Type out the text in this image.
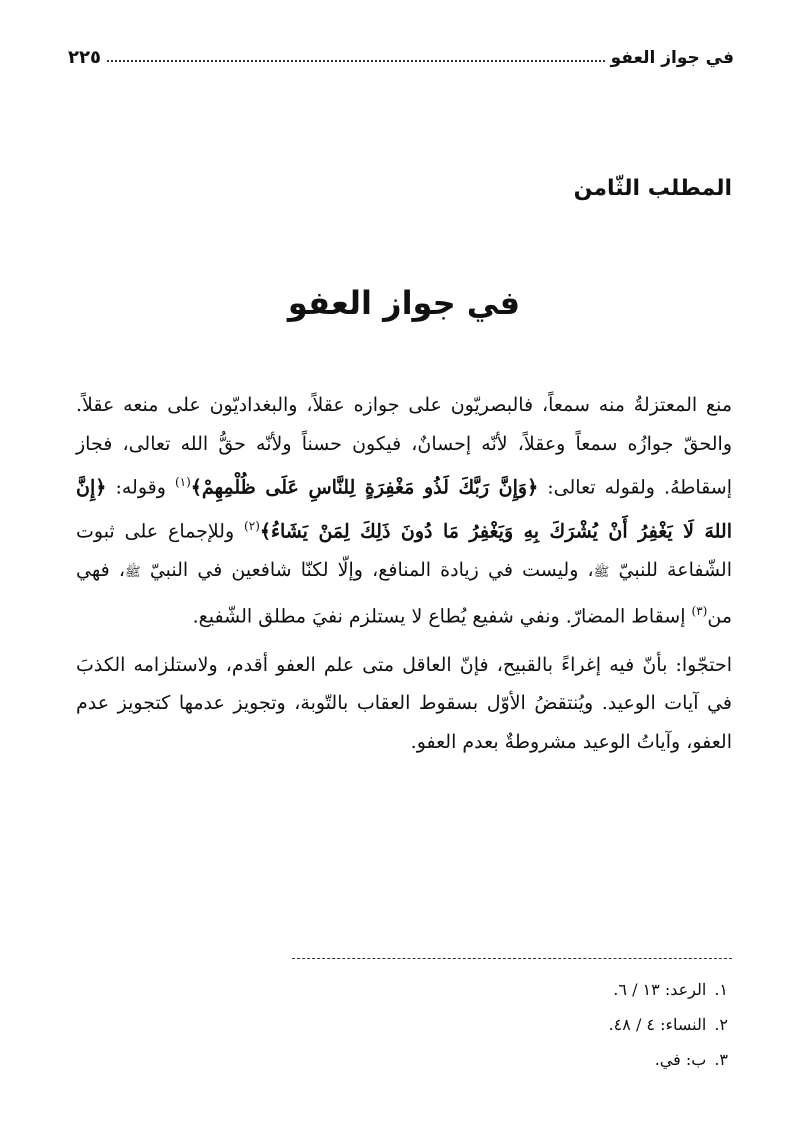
في جواز العفو
٢٢٥
المطلب الثّامن
في جواز العفو

منع المعتزلةُ منه سمعاً، فالبصريّون على جوازه عقلاً، والبغداديّون على منعه عقلاً. والحقّ جوازُه سمعاً وعقلاً، لأنّه إحسانٌ، فيكون حسناً ولأنّه حقُّ الله تعالى، فجاز إسقاطهُ. ولقوله تعالى: ﴿وَإِنَّ رَبَّكَ لَذُو مَغْفِرَةٍ لِلنَّاسِ عَلَى ظُلْمِهِمْ﴾$^{(١)}$ وقوله: ﴿إِنَّ اللهَ لَا يَغْفِرُ أَنْ يُشْرَكَ بِهِ وَيَغْفِرُ مَا دُونَ ذَلِكَ لِمَنْ يَشَاءُ﴾$^{(٢)}$ وللإجماع على ثبوت الشّفاعة للنبيّ ﷺ، وليست في زيادة المنافع، وإلّا لكنّا شافعين في النبيّ ﷺ، فهي من$^{(٣)}$ إسقاط المضارّ. ونفي شفيع يُطاع لا يستلزم نفيَ مطلق الشّفيع.

احتجّوا: بأنّ فيه إغراءً بالقبيح، فإنّ العاقل متى علم العفو أقدم، ولاستلزامه الكذبَ في آيات الوعيد. ويُنتقضُ الأوّل بسقوط العقاب بالتّوبة، وتجويز عدمها كتجويز عدم العفو، وآياتُ الوعيد مشروطةٌ بعدم العفو.

١.
الرعد: ١٣ / ٦.
٢.
النساء: ٤ / ٤٨.
٣.
ب: في.
